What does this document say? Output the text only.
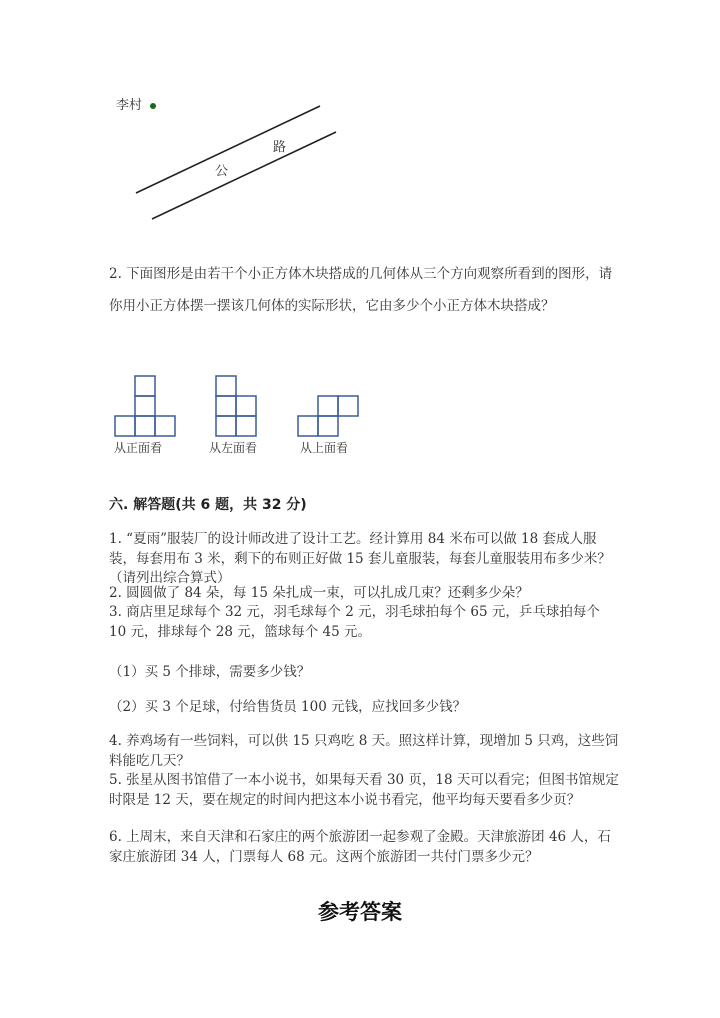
李村
公
路
2. 下面图形是由若干个小正方体木块搭成的几何体从三个方向观察所看到的图形，请你用小正方体摆一摆该几何体的实际形状，它由多少个小正方体木块搭成？
从正面看	从左面看	从上面看
六. 解答题(共 6 题，共 32 分)
1. “夏雨”服装厂的设计师改进了设计工艺。经计算用 84 米布可以做 18 套成人服装，每套用布 3 米，剩下的布则正好做 15 套儿童服装，每套儿童服装用布多少米？（请列出综合算式）
2. 圆圆做了 84 朵，每 15 朵扎成一束，可以扎成几束？还剩多少朵？
3. 商店里足球每个 32 元，羽毛球每个 2 元，羽毛球拍每个 65 元，乒乓球拍每个 10 元，排球每个 28 元，篮球每个 45 元。
（1）买 5 个排球，需要多少钱？
（2）买 3 个足球，付给售货员 100 元钱，应找回多少钱？
4. 养鸡场有一些饲料，可以供 15 只鸡吃 8 天。照这样计算，现增加 5 只鸡，这些饲料能吃几天？
5. 张星从图书馆借了一本小说书，如果每天看 30 页，18 天可以看完；但图书馆规定时限是 12 天，要在规定的时间内把这本小说书看完，他平均每天要看多少页？
6. 上周末，来自天津和石家庄的两个旅游团一起参观了金殿。天津旅游团 46 人，石家庄旅游团 34 人，门票每人 68 元。这两个旅游团一共付门票多少元？
参考答案
